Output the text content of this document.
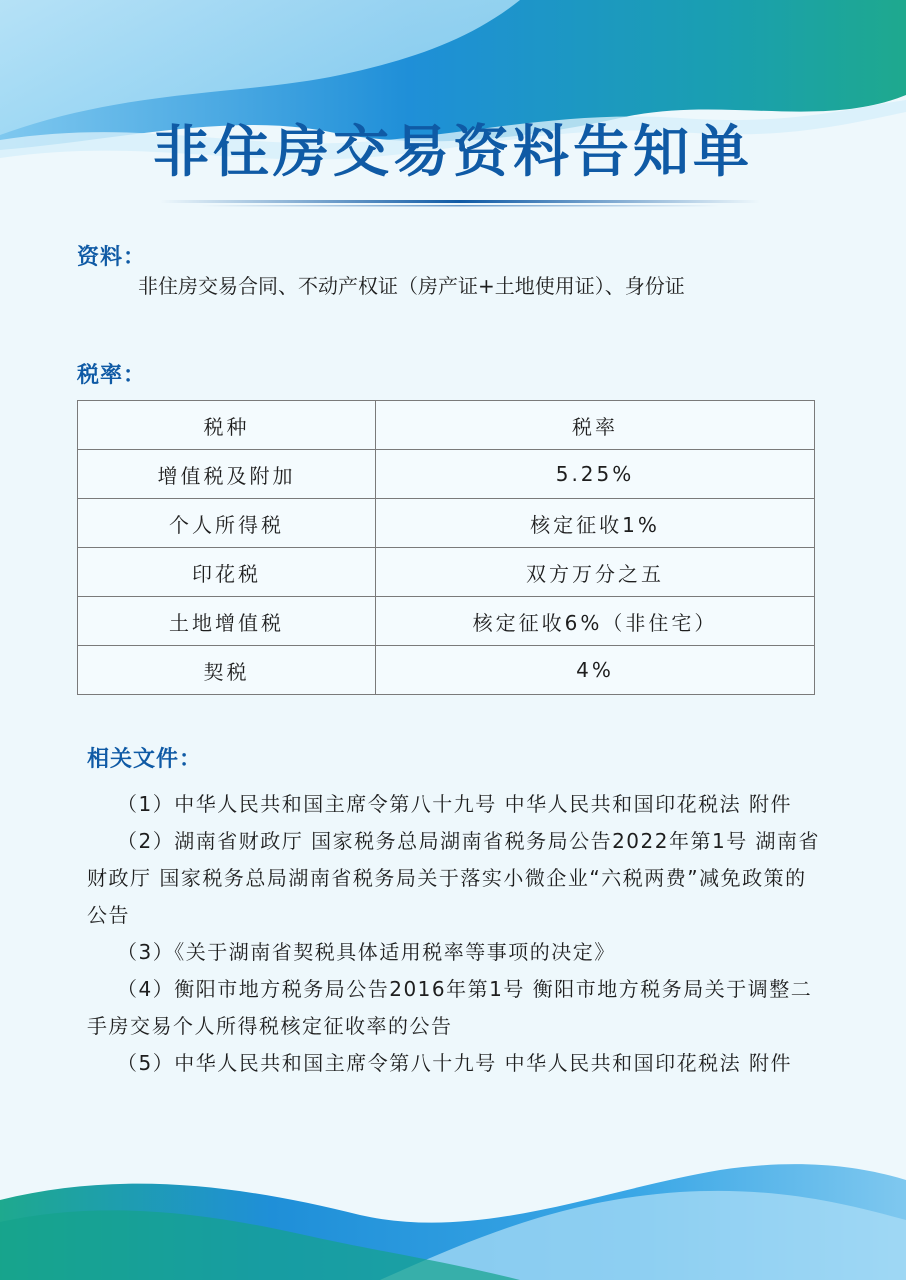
非住房交易资料告知单
资料：
非住房交易合同、不动产权证（房产证+土地使用证）、身份证
税率：
税种	税率
增值税及附加	5.25%
个人所得税	核定征收1%
印花税	双方万分之五
土地增值税	核定征收6%（非住宅）
契税	4%
相关文件：

（1）中华人民共和国主席令第八十九号 中华人民共和国印花税法 附件

（2）湖南省财政厅 国家税务总局湖南省税务局公告2022年第1号 湖南省财政厅 国家税务总局湖南省税务局关于落实小微企业“六税两费”减免政策的公告

（3）《关于湖南省契税具体适用税率等事项的决定》

（4）衡阳市地方税务局公告2016年第1号 衡阳市地方税务局关于调整二手房交易个人所得税核定征收率的公告

（5）中华人民共和国主席令第八十九号 中华人民共和国印花税法 附件
